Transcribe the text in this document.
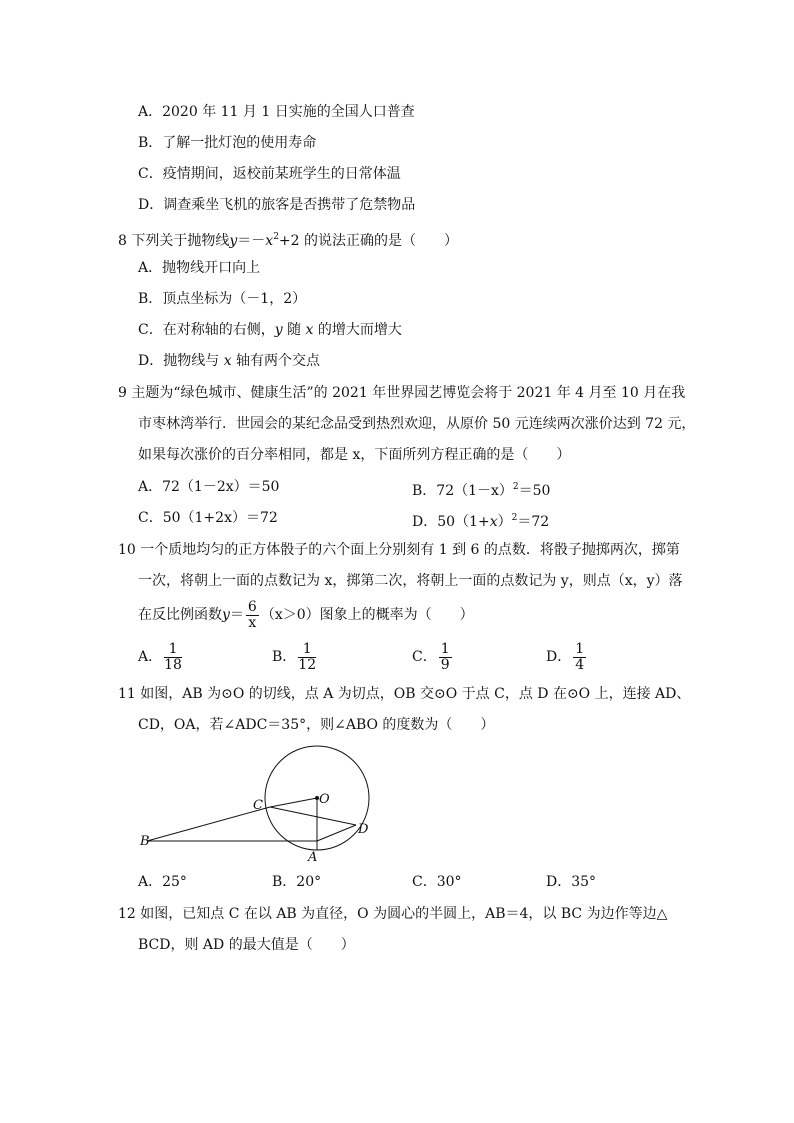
A．2020 年 11 月 1 日实施的全国人口普查
B．了解一批灯泡的使用寿命
C．疫情期间，返校前某班学生的日常体温
D．调查乘坐飞机的旅客是否携带了危禁物品
8 下列关于抛物线$y=-x^2+2$ 的说法正确的是（　　）
A．抛物线开口向上
B．顶点坐标为（－1，2）
C．在对称轴的右侧，y 随 x 的增大而增大
D．抛物线与 x 轴有两个交点
9 主题为“绿色城市、健康生活”的 2021 年世界园艺博览会将于 2021 年 4 月至 10 月在我
市枣林湾举行．世园会的某纪念品受到热烈欢迎，从原价 50 元连续两次涨价达到 72 元，
如果每次涨价的百分率相同，都是 x，下面所列方程正确的是（　　）
A．72（1－2x）＝50	B．$72(1-x)^2=50$
C．50（1+2x）＝72	D．$50(1+x)^2=72$
10 一个质地均匀的正方体骰子的六个面上分别刻有 1 到 6 的点数．将骰子抛掷两次，掷第
一次，将朝上一面的点数记为 x，掷第二次，将朝上一面的点数记为 y，则点（x，y）落
在反比例函数$y= \frac{6}{x} (x>0)$图象上的概率为（　　）
A． $\frac{1}{18}$	B． $\frac{1}{12}$	C． $\frac{1}{9}$	D． $\frac{1}{4}$
11 如图，AB 为⊙O 的切线，点 A 为切点，OB 交⊙O 于点 C，点 D 在⊙O 上，连接 AD、
CD，OA，若∠ADC＝35°，则∠ABO 的度数为（　　）
O
C
D
B
A
A．25°	B．20°	C．30°	D．35°
12 如图，已知点 C 在以 AB 为直径，O 为圆心的半圆上，AB＝4，以 BC 为边作等边△
BCD，则 AD 的最大值是（　　）
